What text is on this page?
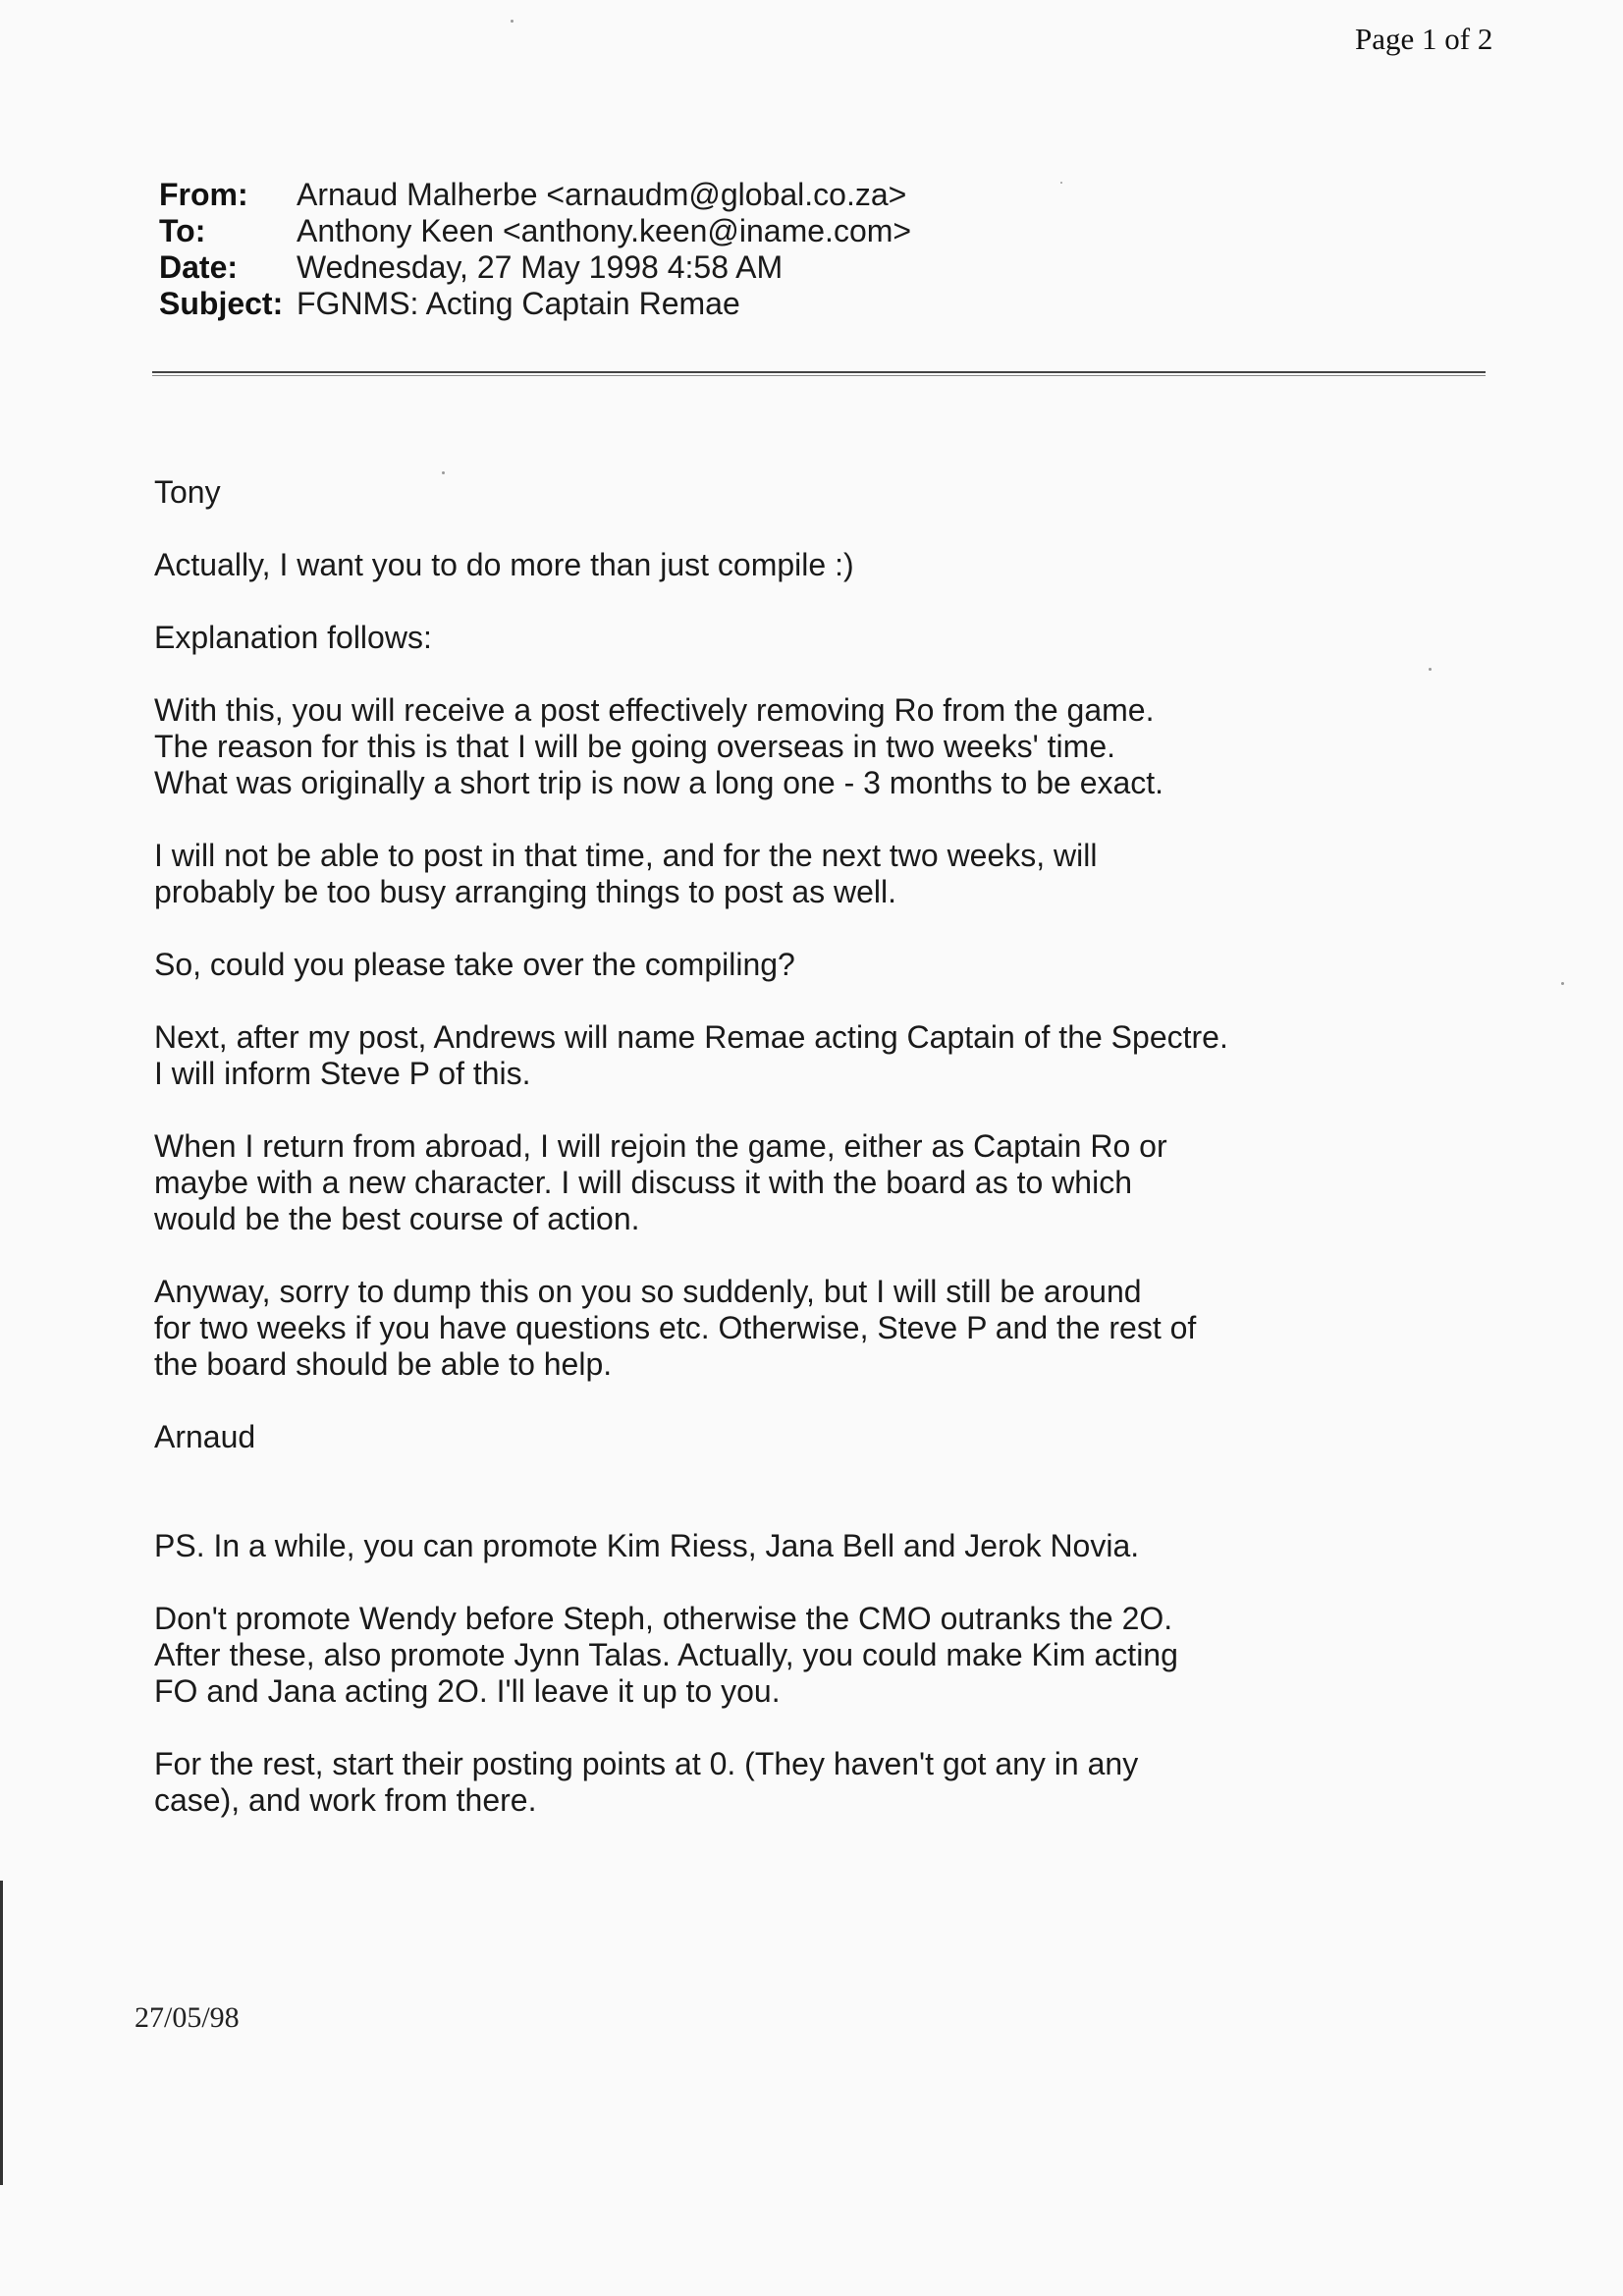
Page 1 of 2
From: Arnaud Malherbe <arnaudm@global.co.za>
To:	Anthony Keen <anthony.keen@iname.com>
Date: Wednesday, 27 May 1998 4:58 AM
Subject: FGNMS: Acting Captain Remae

Tony

Actually, I want you to do more than just compile :)

Explanation follows:

With this, you will receive a post effectively removing Ro from the game.
The reason for this is that I will be going overseas in two weeks' time.
What was originally a short trip is now a long one - 3 months to be exact.

I will not be able to post in that time, and for the next two weeks, will
probably be too busy arranging things to post as well.

So, could you please take over the compiling?

Next, after my post, Andrews will name Remae acting Captain of the Spectre.
I will inform Steve P of this.

When I return from abroad, I will rejoin the game, either as Captain Ro or
maybe with a new character. I will discuss it with the board as to which
would be the best course of action.

Anyway, sorry to dump this on you so suddenly, but I will still be around
for two weeks if you have questions etc. Otherwise, Steve P and the rest of
the board should be able to help.

Arnaud

PS. In a while, you can promote Kim Riess, Jana Bell and Jerok Novia.

Don't promote Wendy before Steph, otherwise the CMO outranks the 2O.
After these, also promote Jynn Talas. Actually, you could make Kim acting
FO and Jana acting 2O. I'll leave it up to you.

For the rest, start their posting points at 0. (They haven't got any in any
case), and work from there.

27/05/98
